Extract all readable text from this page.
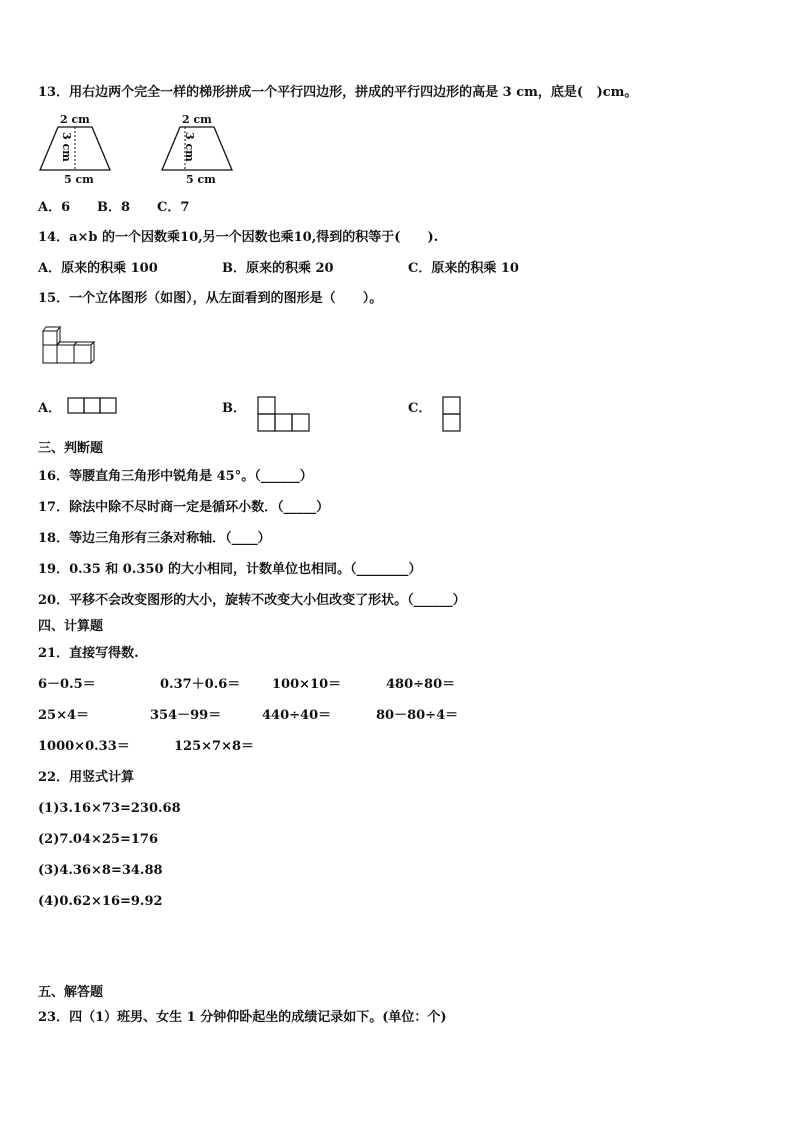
13．用右边两个完全一样的梯形拼成一个平行四边形，拼成的平行四边形的高是 3 cm，底是(   )cm。
2 cm
3 cm
5 cm
2 cm
3 cm
5 cm
A．6 B．8 C．7
14．a×b 的一个因数乘10,另一个因数也乘10,得到的积等于(      ).
A．原来的积乘 100	B．原来的积乘 20	C．原来的积乘 10
15．一个立体图形（如图），从左面看到的图形是（      ）。
A．	B．	C．
三、判断题
16．等腰直角三角形中锐角是 45°。（______）
17．除法中除不尽时商一定是循环小数．（_____）
18．等边三角形有三条对称轴．（____）
19．0.35 和 0.350 的大小相同，计数单位也相同。（________）
20．平移不会改变图形的大小，旋转不改变大小但改变了形状。（______）
四、计算题
21．直接写得数.
6－0.5＝	0.37＋0.6＝ 100×10＝	480÷80＝
25×4＝	354－99＝	440÷40＝	80－80÷4＝
1000×0.33＝	125×7×8＝
22．用竖式计算
(1)3.16×73=230.68
(2)7.04×25=176
(3)4.36×8=34.88
(4)0.62×16=9.92
五、解答题
23．四（1）班男、女生 1 分钟仰卧起坐的成绩记录如下。(单位：个)
